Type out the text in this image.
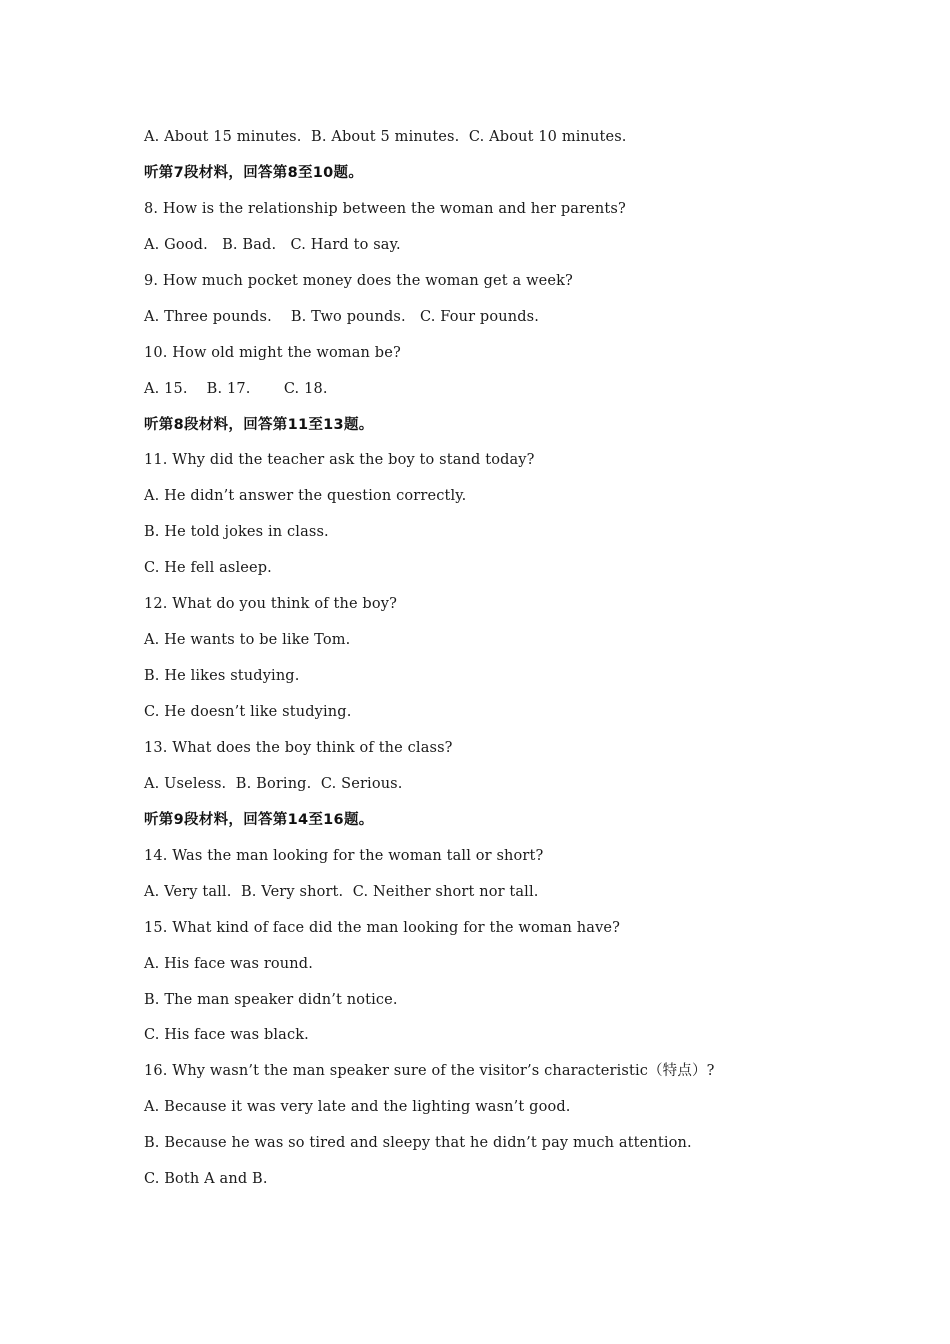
A. About 15 minutes.  B. About 5 minutes.  C. About 10 minutes.
听第7段材料，回答第8至10题。
8. How is the relationship between the woman and her parents?
A. Good.   B. Bad.   C. Hard to say.
9. How much pocket money does the woman get a week?
A. Three pounds.    B. Two pounds.   C. Four pounds.
10. How old might the woman be?
A. 15.    B. 17.       C. 18.
听第8段材料，回答第11至13题。
11. Why did the teacher ask the boy to stand today?
A. He didn’t answer the question correctly.
B. He told jokes in class.
C. He fell asleep.
12. What do you think of the boy?
A. He wants to be like Tom.
B. He likes studying.
C. He doesn’t like studying.
13. What does the boy think of the class?
A. Useless.  B. Boring.  C. Serious.
听第9段材料，回答第14至16题。
14. Was the man looking for the woman tall or short?
A. Very tall.  B. Very short.  C. Neither short nor tall.
15. What kind of face did the man looking for the woman have?
A. His face was round.
B. The man speaker didn’t notice.
C. His face was black.
16. Why wasn’t the man speaker sure of the visitor’s characteristic（特点）?
A. Because it was very late and the lighting wasn’t good.
B. Because he was so tired and sleepy that he didn’t pay much attention.
C. Both A and B.
